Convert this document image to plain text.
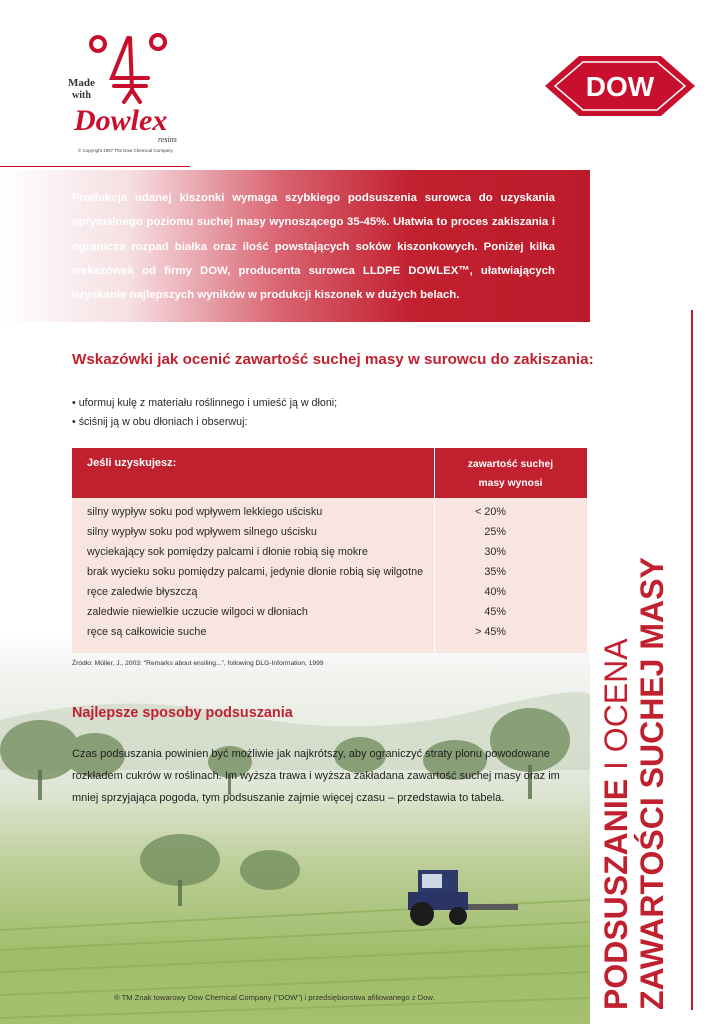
Made
with
Dowlex
resins
© Copyright 1987 The Dow Chemical Company
DOW ®

Produkcja udanej kiszonki wymaga szybkiego podsuszenia surowca do uzyskania optymalnego poziomu suchej masy wynoszącego 35-45%. Ułatwia to proces zakiszania i ogranicza rozpad białka oraz ilość powstających soków kiszonkowych. Poniżej kilka wskazówek od firmy DOW, producenta surowca LLDPE DOWLEX™, ułatwiających uzyskanie najlepszych wyników w produkcji kiszonek w dużych belach.

Wskazówki jak ocenić zawartość suchej masy w surowcu do zakiszania:
• uformuj kulę z materiału roślinnego i umieść ją w dłoni;
• ściśnij ją w obu dłoniach i obserwuj:
Jeśli uzyskujesz:	zawartość suchej
masy wynosi
silny wypływ soku pod wpływem lekkiego uścisku	< 20%
silny wypływ soku pod wpływem silnego uścisku	25%
wyciekający sok pomiędzy palcami i dłonie robią się mokre	30%
brak wycieku soku pomiędzy palcami, jedynie dłonie robią się wilgotne	35%
ręce zaledwie błyszczą	40%
zaledwie niewielkie uczucie wilgoci w dłoniach	45%
ręce są całkowicie suche	> 45%
Źródło: Müller, J., 2003: "Remarks about ensiling...", following DLG-Information, 1999
Najlepsze sposoby podsuszania

Czas podsuszania powinien być możliwie jak najkrótszy, aby ograniczyć straty plonu powodowane rozkładem cukrów w roślinach. Im wyższa trawa i wyższa zakładana zawartość suchej masy oraz im mniej sprzyjająca pogoda, tym podsuszanie zajmie więcej czasu – przedstawia to tabela.

® TM Znak towarowy Dow Chemical Company ("DOW") i przedsiębiorstwa afiliowanego z Dow.	PODSUSZANIE I OCENA ZAWARTOŚCI SUCHEJ MASY
